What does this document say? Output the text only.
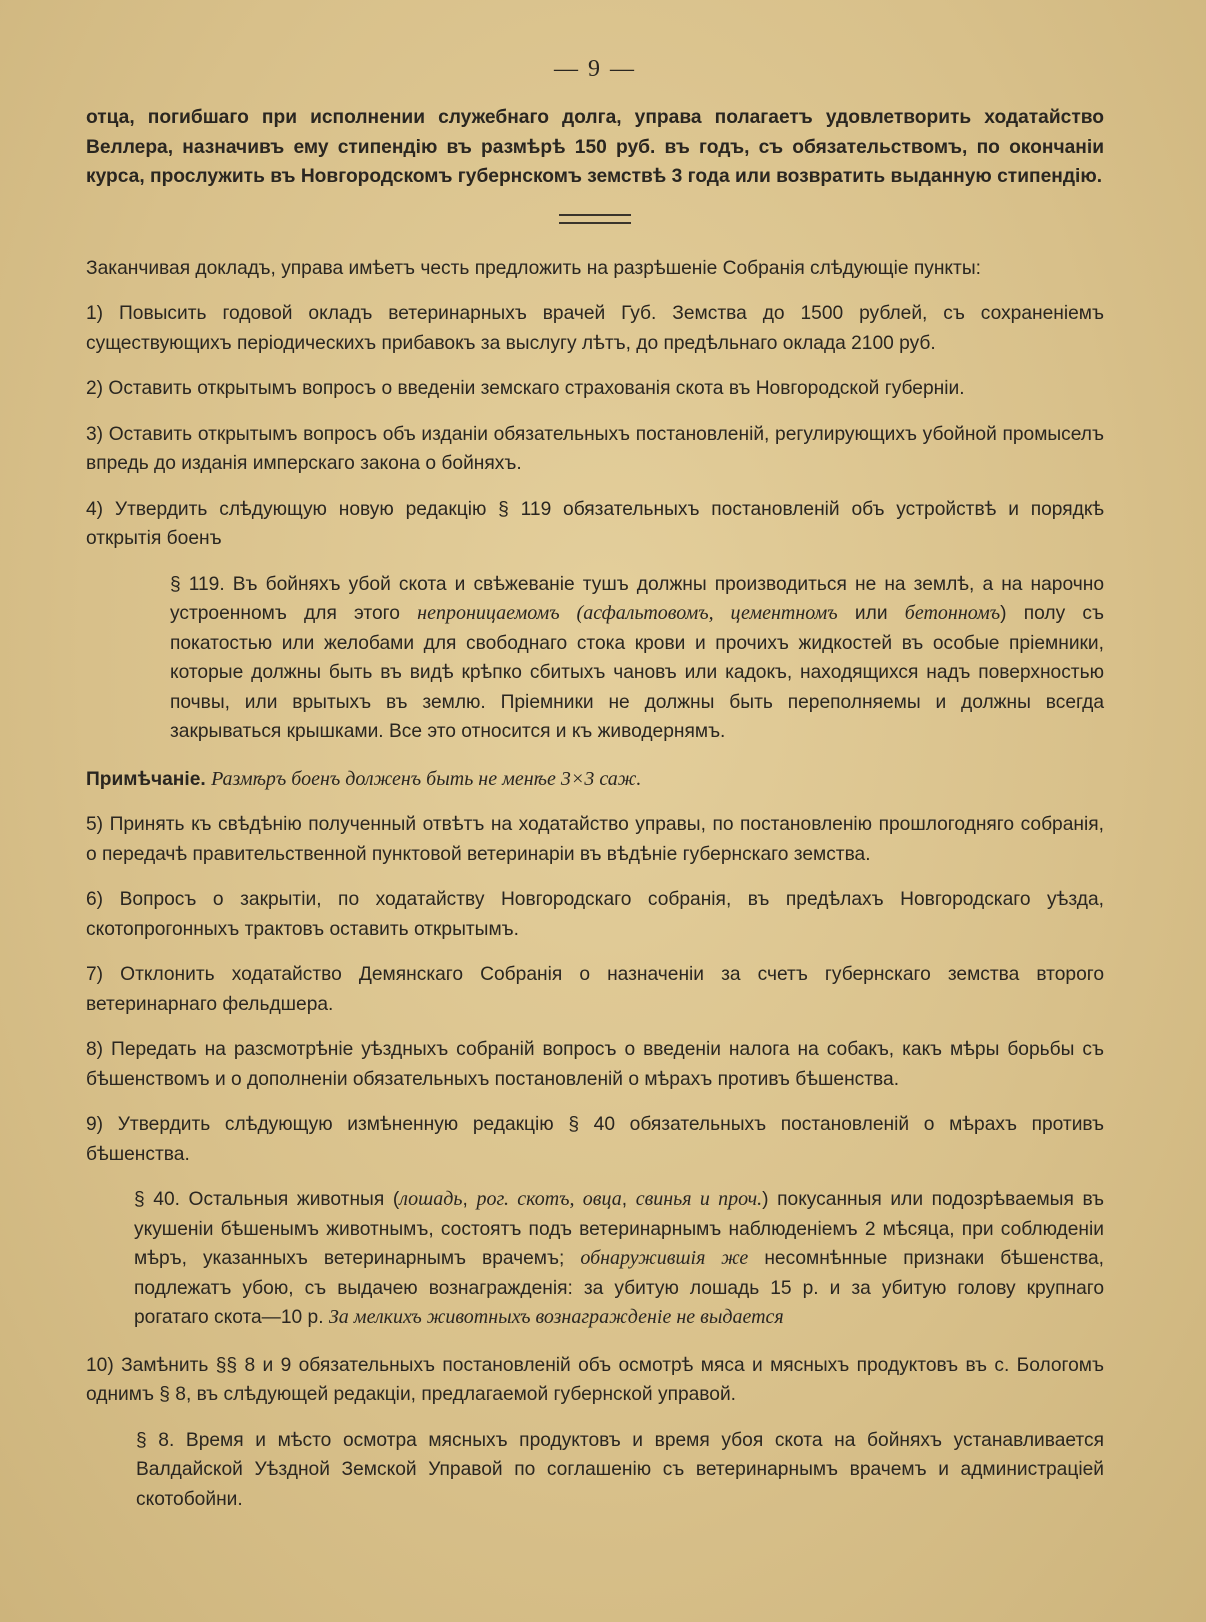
— 9 —

отца, погибшаго при исполнении служебнаго долга, управа полагаетъ удовлетворить ходатайство Веллера, назначивъ ему стипендію въ размѣрѣ 150 руб. въ годъ, съ обязательствомъ, по окончаніи курса, прослужить въ Новгородскомъ губернскомъ земствѣ 3 года или возвратить выданную стипендію.

Заканчивая докладъ, управа имѣетъ честь предложить на разрѣшеніе Собранія слѣдующіе пункты:

1) Повысить годовой окладъ ветеринарныхъ врачей Губ. Земства до 1500 рублей, съ сохраненіемъ существующихъ періодическихъ прибавокъ за выслугу лѣтъ, до предѣльнаго оклада 2100 руб.

2) Оставить открытымъ вопросъ о введеніи земскаго страхованія скота въ Новгородской губерніи.

3) Оставить открытымъ вопросъ объ изданіи обязательныхъ постановленій, регулирующихъ убойной промыселъ впредь до изданія имперскаго закона о бойняхъ.

4) Утвердить слѣдующую новую редакцію § 119 обязательныхъ постановленій объ устройствѣ и порядкѣ открытія боенъ

§ 119. Въ бойняхъ убой скота и свѣжеваніе тушъ должны производиться не на землѣ, а на нарочно устроенномъ для этого непроницаемомъ (асфальтовомъ, цементномъ или бетонномъ) полу съ покатостью или желобами для свободнаго стока крови и прочихъ жидкостей въ особые пріемники, которые должны быть въ видѣ крѣпко сбитыхъ чановъ или кадокъ, находящихся надъ поверхностью почвы, или врытыхъ въ землю. Пріемники не должны быть переполняемы и должны всегда закрываться крышками. Все это относится и къ живодернямъ.

Примѣчаніе. Размѣръ боенъ долженъ быть не менѣе 3×3 саж.

5) Принять къ свѣдѣнію полученный отвѣтъ на ходатайство управы, по постановленію прошлогодняго собранія, о передачѣ правительственной пунктовой ветеринаріи въ вѣдѣніе губернскаго земства.

6) Вопросъ о закрытіи, по ходатайству Новгородскаго собранія, въ предѣлахъ Новгородскаго уѣзда, скотопрогонныхъ трактовъ оставить открытымъ.

7) Отклонить ходатайство Демянскаго Собранія о назначеніи за счетъ губернскаго земства второго ветеринарнаго фельдшера.

8) Передать на разсмотрѣніе уѣздныхъ собраній вопросъ о введеніи налога на собакъ, какъ мѣры борьбы съ бѣшенствомъ и о дополненіи обязательныхъ постановленій о мѣрахъ противъ бѣшенства.

9) Утвердить слѣдующую измѣненную редакцію § 40 обязательныхъ постановленій о мѣрахъ противъ бѣшенства.

§ 40. Остальныя животныя (лошадь, рог. скотъ, овца, свинья и проч.) покусанныя или подозрѣваемыя въ укушеніи бѣшенымъ животнымъ, состоятъ подъ ветеринарнымъ наблюденіемъ 2 мѣсяца, при соблюденіи мѣръ, указанныхъ ветеринарнымъ врачемъ; обнаружившія же несомнѣнные признаки бѣшенства, подлежатъ убою, съ выдачею вознагражденія: за убитую лошадь 15 р. и за убитую голову крупнаго рогатаго скота—10 р. За мелкихъ животныхъ вознагражденіе не выдается

10) Замѣнить §§ 8 и 9 обязательныхъ постановленій объ осмотрѣ мяса и мясныхъ продуктовъ въ с. Бологомъ однимъ § 8, въ слѣдующей редакціи, предлагаемой губернской управой.

§ 8. Время и мѣсто осмотра мясныхъ продуктовъ и время убоя скота на бойняхъ устанавливается Валдайской Уѣздной Земской Управой по соглашенію съ ветеринарнымъ врачемъ и администраціей скотобойни.
